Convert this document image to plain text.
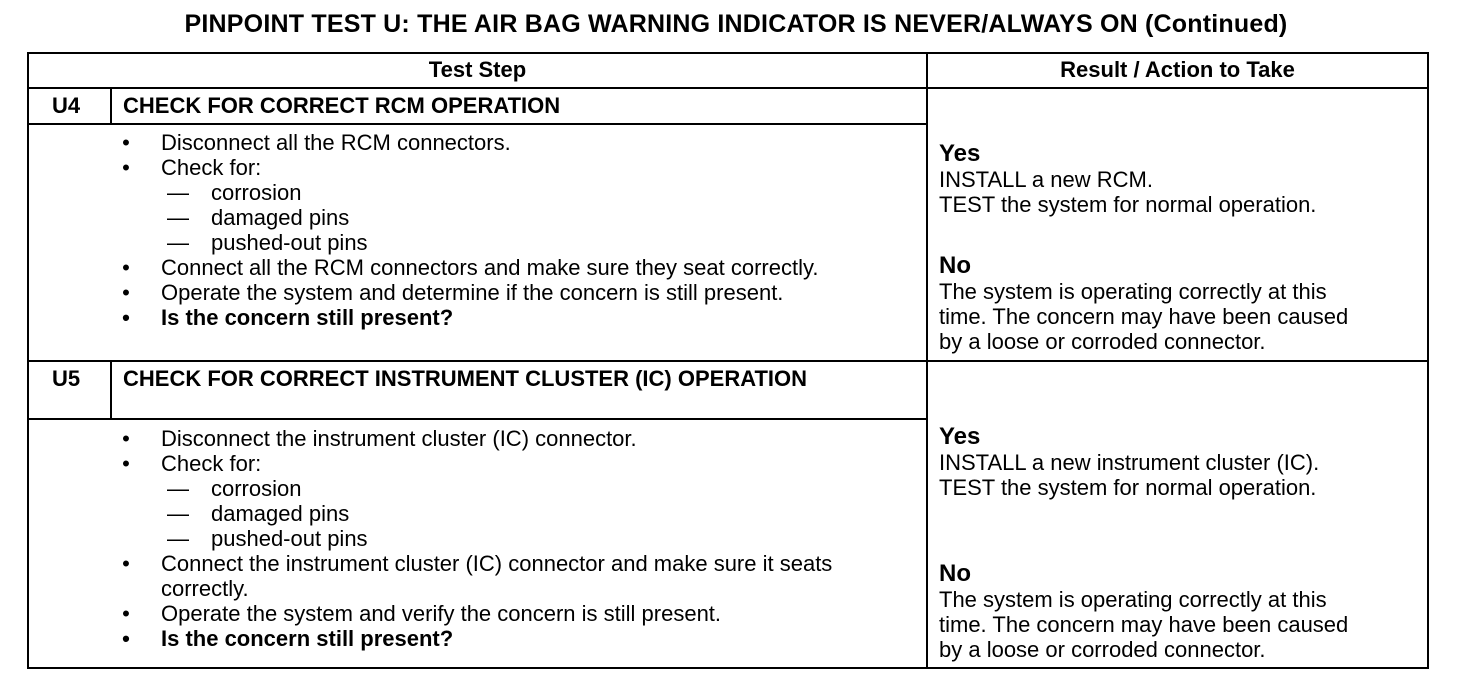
PINPOINT TEST U: THE AIR BAG WARNING INDICATOR IS NEVER/ALWAYS ON (Continued)
Test Step	Result / Action to Take
U4 CHECK FOR CORRECT RCM OPERATION
• Disconnect all the RCM connectors.
• Check for:
— corrosion
— damaged pins
— pushed-out pins
• Connect all the RCM connectors and make sure they seat correctly.
• Operate the system and determine if the concern is still present.
• Is the concern still present?
Yes
INSTALL a new RCM.
TEST the system for normal operation.
No
The system is operating correctly at this
time. The concern may have been caused
by a loose or corroded connector.
U5 CHECK FOR CORRECT INSTRUMENT CLUSTER (IC) OPERATION
• Disconnect the instrument cluster (IC) connector.
• Check for:
— corrosion
— damaged pins
— pushed-out pins
• Connect the instrument cluster (IC) connector and make sure it seats correctly.
• Operate the system and verify the concern is still present.
• Is the concern still present?
Yes
INSTALL a new instrument cluster (IC).
TEST the system for normal operation.
No
The system is operating correctly at this
time. The concern may have been caused
by a loose or corroded connector.
